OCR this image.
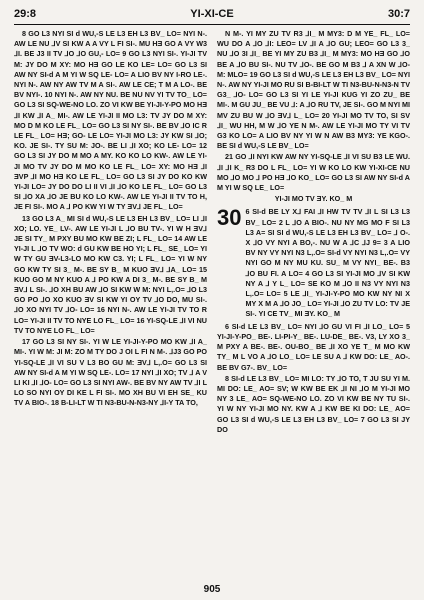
29:8	YI-XI-CE	30:7

8 GO L3 NYI SI d WU,-S LE L3 EH L3 BV_ LO= NYI N-. AW LE NU ⅃V SI KW A A VY L FI SI-. MU HƎ GO A VY W3 ⅃I. BE J3 II TV ⅃O ⅃O GU,- LO= 9 GO L3 NYI SI-. YI-JI TV M: JY DO M XY: MO HƎ GO LE KO LE= LO= GO L3 SI AW NY SI-d A M YI W SQ LE- LO= A LIO BV NY Ɩ-RO LE-. NYI N-. AW NY AW TV M A SI-. AW LE CE; T M A LO-. BE BV NYI-. 10 NYI N-. AW NY NU. BE NU NV YI TV TO_ LO= GO L3 SI SQ-WE-NO LO. ZO VI KW BE YI-JI-Y-PO MO HƎ ⅃I KW ⅃I A_ MI-. AW LE YI-JI II MO L3: TV JY DO M XY: MO D M KO LE FL_ LO= GO L3 SI NY SI-. BE BV ⅃O IC R LE FL_ LO= HƎ; GO- LE LO= YI-JI MO L3: JY KW SI ⅃O; KO. JE SI-. TY SU M: JO-. BE LI ⅃I XO; KO LE- LO= 12 GO L3 SI JY DO M MO A MY. KO KO LO KW-. AW LE YI-JI MO TV JY DO M MO KO LE FL_ LO= XY: MO HƎ ⅃Ɩ ƎVP ⅃Ɩ MO HƎ KO LE FL_ LO= GO L3 SI JY DO KO KW YI-JI LO= JY DO DO LI II VI ⅃I ⅃O KO LE FL_ LO= GO L3 SI ⅃O XA ⅃O JE BU KO LO KW-. AW LE YI-JI II TV TO H, JE FI SI-. MO A ⅃ PO KW YI W TY ƎV⅃ JE FL_ LO=

13 GO L3 A_ MI SI d WU,-S LE L3 EH L3 BV_ LO= LI ⅃I XO; LO. YE_ LV-. AW LE YI-JI L ⅃O BU TV-. YI W H ƎV⅃ JE SI TY_ M PXY BU MO KW BE ZI; L FL_ LO= 14 AW LE YI-JI L ⅃O TV WO: d GU KW BE HO YI; L FL_ SE_ LO= YI W TY GU ƎV-L3-LO MO KW C3. YI; L FL_ LO= YI W NY GO KW TY SI 3_ M-. BE SY B_ M KUO ƎV⅃ ⅃A_ LO= 15 KUO GO M NY KUO A ⅃ PO KW A DI 3_ M-. BE SY B_ M ƎV⅃ L SI-. ⅃O XH BU AW ⅃O SI KW W M: NYI L,.O= ⅃O L3 GO PO ⅃O XO KUO ƎV SI KW YI OY TV ⅃O DO, MU SI-. ⅃O XO NYI TV ⅃O- LO= 16 NYI N-. AW LE YI-JI TV TO R LO= YI-JI II TV TO NYE LO FL_ LO= 16 YI-SQ-LE ⅃I VI NU TV TO NYE LO FL_ LO=

17 GO L3 SI NY SI-. YI W LE YI-JI-Y-PO MO KW ⅃I A_ MI-. YI W M: JI M: ZO M TY DO J OI L FI N M-. ⅃J3 GO PO YI-SQ-LE ⅃I VI SU V L3 BO GU M: ƎV⅃ L,.O= GO L3 SI AW NY SI-d A M YI W SQ LE-. LO= 17 NYI ⅃I XO; TV ⅃ A V LI KI ⅃I ⅃O- LO= GO L3 SI NYI AW-. BE BV NY AW TV ⅃I L LO SO NYI OY DI KE L FI SI-. MO XH BU VI EH SE_ KU TV A BIO-. 18 B-LI-LT W TI N3-BU-N-N3-NY ⅃I-Y TA TO,

N M-. YI MY ZU TV R3 ⅃I_ M MY3: D M YE_ FL_ LO= WU DO A ⅃O ⅃I: LEO= LV ⅃I A ⅃O GU; LEO= GO L3 3_ NU ⅃O 3I ⅃I_ BE YI MY ZU B3 ⅃I_ M MY3: MO HƎ GO ⅃O BE A ⅃O BU SI-. NU TV ⅃O-. BE GO M B3 ⅃ A XN W ⅃O- M: MLO= 19 GO L3 SI d WU,-S LE L3 EH L3 BV_ LO= NYI N-. AW NY YI-JI MO RU SI B-BI-LT W TI N3-BU-N-N3-N TV G3_ ⅃O- LO= GO L3 SI YI LE YI-JI KUG YI ZO ZU_ BE MI-. M GU JU_ BE VU ⅃: A ⅃O RU TV, JE SI-. GO M NYI MI MV ZU BU W ⅃O ƎV⅃ L_ LO= 20 YI-JI MO TV TO, SI SV ⅃I_ WU HH, M W ⅃O YE N M-. AW LE YI-JI MO TY VI TV G3 KO LO= A LIO BV NY YI W N AW B3 MY3: YE KGO-. BE SI d WU,-S LE BV_ LO=

21 GO ⅃I NYI KW AW NY YI-SQ-LE ⅃I VI SU B3 LE WU. ⅃I ⅃I K_ R3 DO L FL_ LO= YI W KO LO KW YI-XI-CE NU MO ⅃O MO ⅃ PO HƎ ⅃O KO_ LO= GO L3 SI AW NY SI-d A M YI W SQ LE_ LO=

YI-JI MO TV ƎY. KO_ M

30 6 SI-d BE LY X⅃ FAI ⅃I HW TV TV ⅃I L SI L3 L3 BV_ LO= 2 L ⅃O A BIO-. NU NY MG MO F SI L3 L3 A= SI SI d WU,-S LE L3 EH L3 BV_ LO= ⅃ O-. X ⅃O VY NYI A BO,-. NU W A ⅃C ⅃J 9= 3 A LIO BV NY VY NYI N3 L,.O= SI-d VY NYI N3 L,.O= VY NYI GO M NY MU KU. SU_ M VY NYI_ BE-. B3 ⅃O BU FI. A LO= 4 GO L3 SI YI-JI MO ⅃V SI KW NY A ⅃ Y L_ LO= SE KO M ⅃O II N3 VY NYI N3 L,.O= LO= 5 LE ⅃I_ YI-JI-Y-PO MO KW NY NI X MY X M A ⅃O JO_ LO= YI-JI ⅃O ZU TV LO: TV JE SI-. YI CE TV_ MI ƎY. KO_ M

6 SI-d LE L3 BV_ LO= NYI ⅃O GU VI FI ⅃I LO_ LO= 5 YI-JI-Y-PO_ BE-. LI-PI-Y_ BE-. LU-DE_ BE-. V3, LY XO 3_ M PXY A BE-. BE-. OU-BO_ BE ⅃I XO YE T_ M MO KW TY_ M L VO A ⅃O LO_ LO= LE SU A ⅃ KW DO: LE_ AO-. BE BV G7-. BV_ LO=

8 SI-d LE L3 BV_ LO= MI LO: TY ⅃O TO, T JU SU YI M. MI DO: LE_ AO= SV; W KW BE EK ⅃I NI ⅃O M YI-JI MO NY 3 LE_ AO= SQ-WE-NO LO. ZO VI KW BE NY TU SI-. YI W NY YI-JI MO NY. KW A ⅃ KW BE KI DO: LE_ AO= GO L3 SI d WU,-S LE L3 EH L3 BV_ LO= 7 GO L3 SI JY DO

905
